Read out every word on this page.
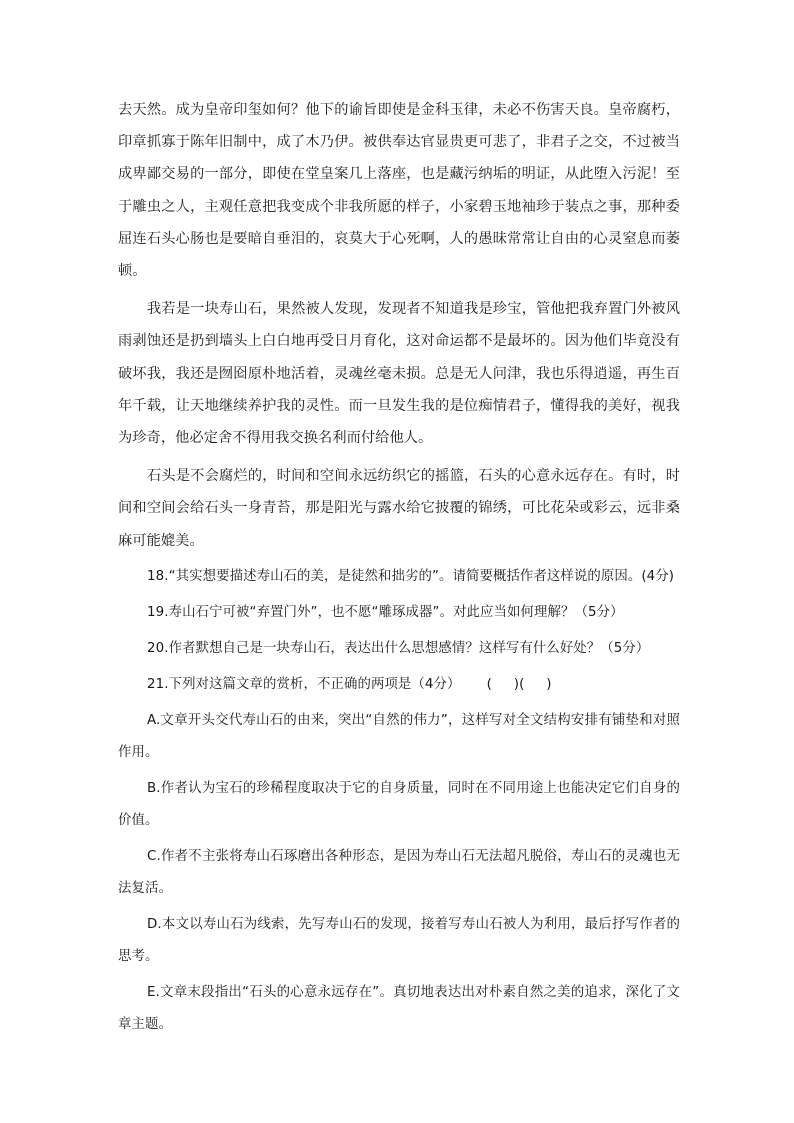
去天然。成为皇帝印玺如何？他下的谕旨即使是金科玉律，未必不伤害天良。皇帝腐朽，印章抓寡于陈年旧制中，成了木乃伊。被供奉达官显贵更可悲了，非君子之交，不过被当成卑鄙交易的一部分，即使在堂皇案几上落座，也是藏污纳垢的明证，从此堕入污泥！至于雕虫之人，主观任意把我变成个非我所愿的样子，小家碧玉地袖珍于装点之事，那种委屈连石头心肠也是要暗自垂泪的，哀莫大于心死啊，人的愚昧常常让自由的心灵窒息而萎顿。

我若是一块寿山石，果然被人发现，发现者不知道我是珍宝，管他把我弃置门外被风雨剥蚀还是扔到墙头上白白地再受日月育化，这对命运都不是最坏的。因为他们毕竟没有破坏我，我还是囫囵原朴地活着，灵魂丝毫未损。总是无人问津，我也乐得逍遥，再生百年千载，让天地继续养护我的灵性。而一旦发生我的是位痴情君子，懂得我的美好，视我为珍奇，他必定舍不得用我交换名利而付给他人。

石头是不会腐烂的，时间和空间永远纺织它的摇篮，石头的心意永远存在。有时，时间和空间会给石头一身青苔，那是阳光与露水给它披覆的锦绣，可比花朵或彩云，远非桑麻可能媲美。

18.“其实想要描述寿山石的美，是徒然和拙劣的”。请简要概括作者这样说的原因。(4分)

19.寿山石宁可被“弃置门外”，也不愿“雕琢成器”。对此应当如何理解？（5分）

20.作者默想自己是一块寿山石，表达出什么思想感情？这样写有什么好处？（5分）

21.下列对这篇文章的赏析，不正确的两项是（4分）      (     )(     )

A.文章开头交代寿山石的由来，突出“自然的伟力”，这样写对全文结构安排有铺垫和对照作用。

B.作者认为宝石的珍稀程度取决于它的自身质量，同时在不同用途上也能决定它们自身的价值。

C.作者不主张将寿山石琢磨出各种形态，是因为寿山石无法超凡脱俗，寿山石的灵魂也无法复活。

D.本文以寿山石为线索，先写寿山石的发现，接着写寿山石被人为利用，最后抒写作者的思考。

E.文章末段指出“石头的心意永远存在”。真切地表达出对朴素自然之美的追求，深化了文章主题。
